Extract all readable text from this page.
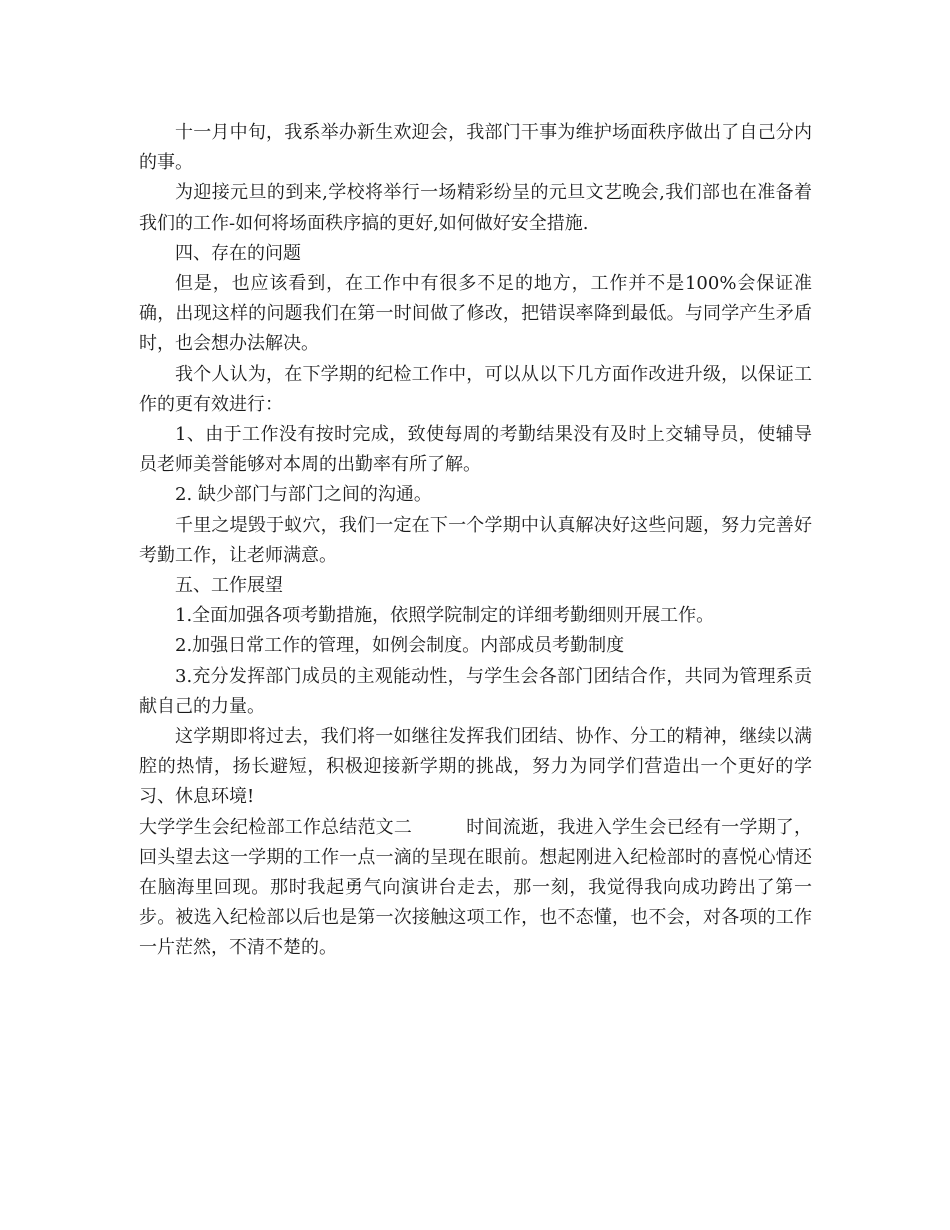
十一月中旬，我系举办新生欢迎会，我部门干事为维护场面秩序做出了自己分内的事。

为迎接元旦的到来,学校将举行一场精彩纷呈的元旦文艺晚会,我们部也在准备着我们的工作-如何将场面秩序搞的更好,如何做好安全措施.

四、存在的问题

但是，也应该看到，在工作中有很多不足的地方，工作并不是100%会保证准确，出现这样的问题我们在第一时间做了修改，把错误率降到最低。与同学产生矛盾时，也会想办法解决。

我个人认为，在下学期的纪检工作中，可以从以下几方面作改进升级，以保证工作的更有效进行：

1、由于工作没有按时完成，致使每周的考勤结果没有及时上交辅导员，使辅导员老师美誉能够对本周的出勤率有所了解。

2. 缺少部门与部门之间的沟通。

千里之堤毁于蚁穴，我们一定在下一个学期中认真解决好这些问题，努力完善好考勤工作，让老师满意。

五、工作展望

1.全面加强各项考勤措施，依照学院制定的详细考勤细则开展工作。

2.加强日常工作的管理，如例会制度。内部成员考勤制度

3.充分发挥部门成员的主观能动性，与学生会各部门团结合作，共同为管理系贡献自己的力量。

这学期即将过去，我们将一如继往发挥我们团结、协作、分工的精神，继续以满腔的热情，扬长避短，积极迎接新学期的挑战，努力为同学们营造出一个更好的学习、休息环境!

大学学生会纪检部工作总结范文二	时间流逝，我进入学生会已经有一学期了，回头望去这一学期的工作一点一滴的呈现在眼前。想起刚进入纪检部时的喜悦心情还在脑海里回现。那时我起勇气向演讲台走去，那一刻，我觉得我向成功跨出了第一步。被选入纪检部以后也是第一次接触这项工作，也不态懂，也不会，对各项的工作一片茫然，不清不楚的。
